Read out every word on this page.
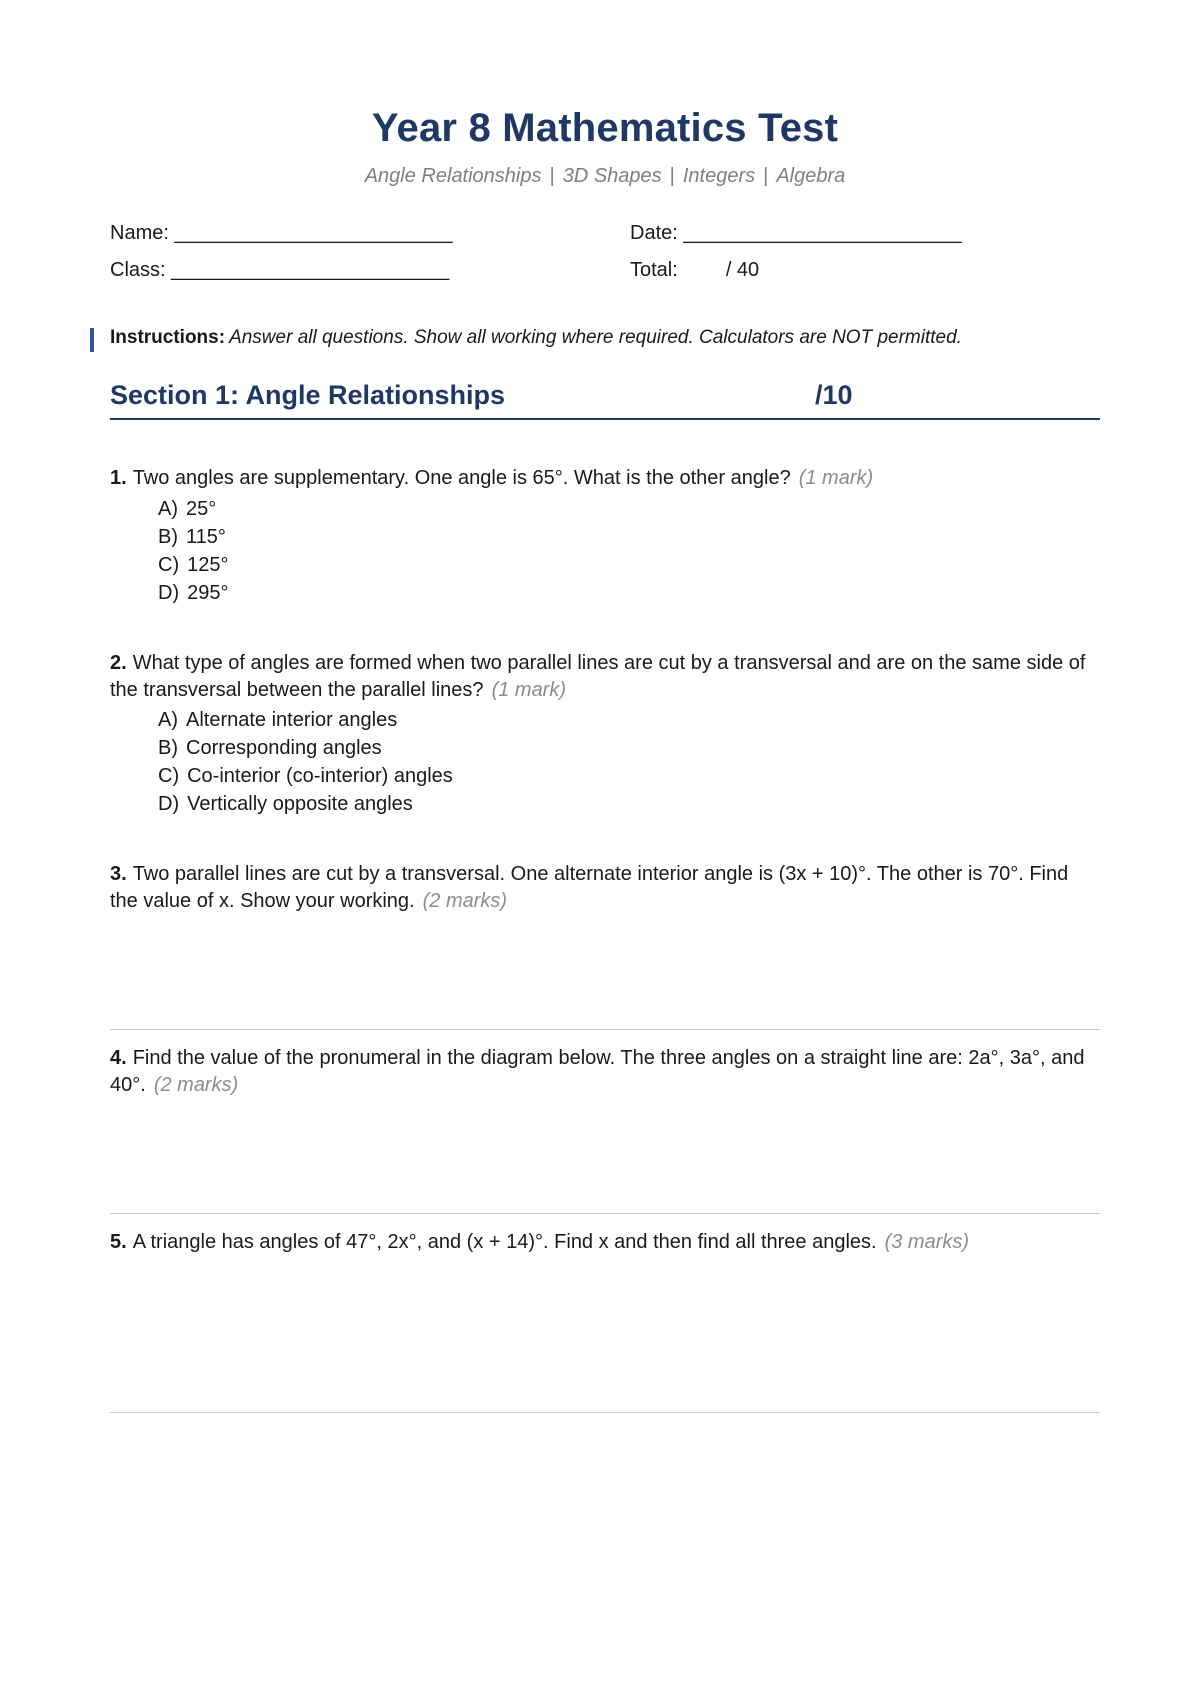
Year 8 Mathematics Test
Angle Relationships | 3D Shapes | Integers | Algebra
Name: _________________________	Date: _________________________
Class: _________________________	Total: / 40
Instructions: Answer all questions. Show all working where required. Calculators are NOT permitted.
Section 1: Angle Relationships	/10
1. Two angles are supplementary. One angle is 65°. What is the other angle? (1 mark)
A) 25°
B) 115°
C) 125°
D) 295°
2. What type of angles are formed when two parallel lines are cut by a transversal and are on the same side of the transversal between the parallel lines? (1 mark)
A) Alternate interior angles
B) Corresponding angles
C) Co-interior (co-interior) angles
D) Vertically opposite angles
3. Two parallel lines are cut by a transversal. One alternate interior angle is (3x + 10)°. The other is 70°. Find the value of x. Show your working. (2 marks)
4. Find the value of the pronumeral in the diagram below. The three angles on a straight line are: 2a°, 3a°, and 40°. (2 marks)
5. A triangle has angles of 47°, 2x°, and (x + 14)°. Find x and then find all three angles. (3 marks)
